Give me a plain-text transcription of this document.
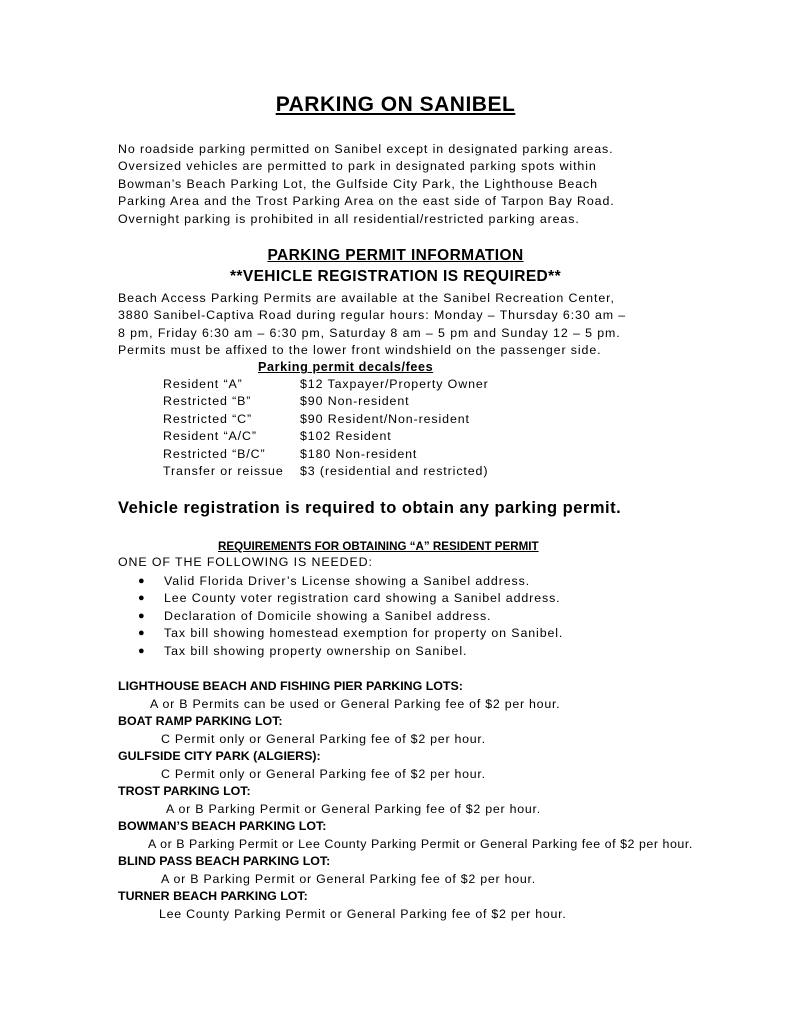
PARKING ON SANIBEL
No roadside parking permitted on Sanibel except in designated parking areas.
Oversized vehicles are permitted to park in designated parking spots within
Bowman’s Beach Parking Lot, the Gulfside City Park, the Lighthouse Beach
Parking Area and the Trost Parking Area on the east side of Tarpon Bay Road.
Overnight parking is prohibited in all residential/restricted parking areas.
PARKING PERMIT INFORMATION
**VEHICLE REGISTRATION IS REQUIRED**
Beach Access Parking Permits are available at the Sanibel Recreation Center,
3880 Sanibel-Captiva Road during regular hours: Monday – Thursday 6:30 am –
8 pm, Friday 6:30 am – 6:30 pm, Saturday 8 am – 5 pm and Sunday 12 – 5 pm.
Permits must be affixed to the lower front windshield on the passenger side.
Parking permit decals/fees
Resident “A”	$12 Taxpayer/Property Owner
Restricted “B”	$90 Non-resident
Restricted “C”	$90 Resident/Non-resident
Resident “A/C”	$102 Resident
Restricted “B/C”	$180 Non-resident
Transfer or reissue $3 (residential and restricted)
Vehicle registration is required to obtain any parking permit.
REQUIREMENTS FOR OBTAINING “A” RESIDENT PERMIT
ONE OF THE FOLLOWING IS NEEDED:
● Valid Florida Driver’s License showing a Sanibel address.
● Lee County voter registration card showing a Sanibel address.
● Declaration of Domicile showing a Sanibel address.
● Tax bill showing homestead exemption for property on Sanibel.
● Tax bill showing property ownership on Sanibel.
LIGHTHOUSE BEACH AND FISHING PIER PARKING LOTS:
A or B Permits can be used or General Parking fee of $2 per hour.
BOAT RAMP PARKING LOT:
C Permit only or General Parking fee of $2 per hour.
GULFSIDE CITY PARK (ALGIERS):
C Permit only or General Parking fee of $2 per hour.
TROST PARKING LOT:
A or B Parking Permit or General Parking fee of $2 per hour.
BOWMAN’S BEACH PARKING LOT:
A or B Parking Permit or Lee County Parking Permit or General Parking fee of $2 per hour.
BLIND PASS BEACH PARKING LOT:
A or B Parking Permit or General Parking fee of $2 per hour.
TURNER BEACH PARKING LOT:
Lee County Parking Permit or General Parking fee of $2 per hour.
